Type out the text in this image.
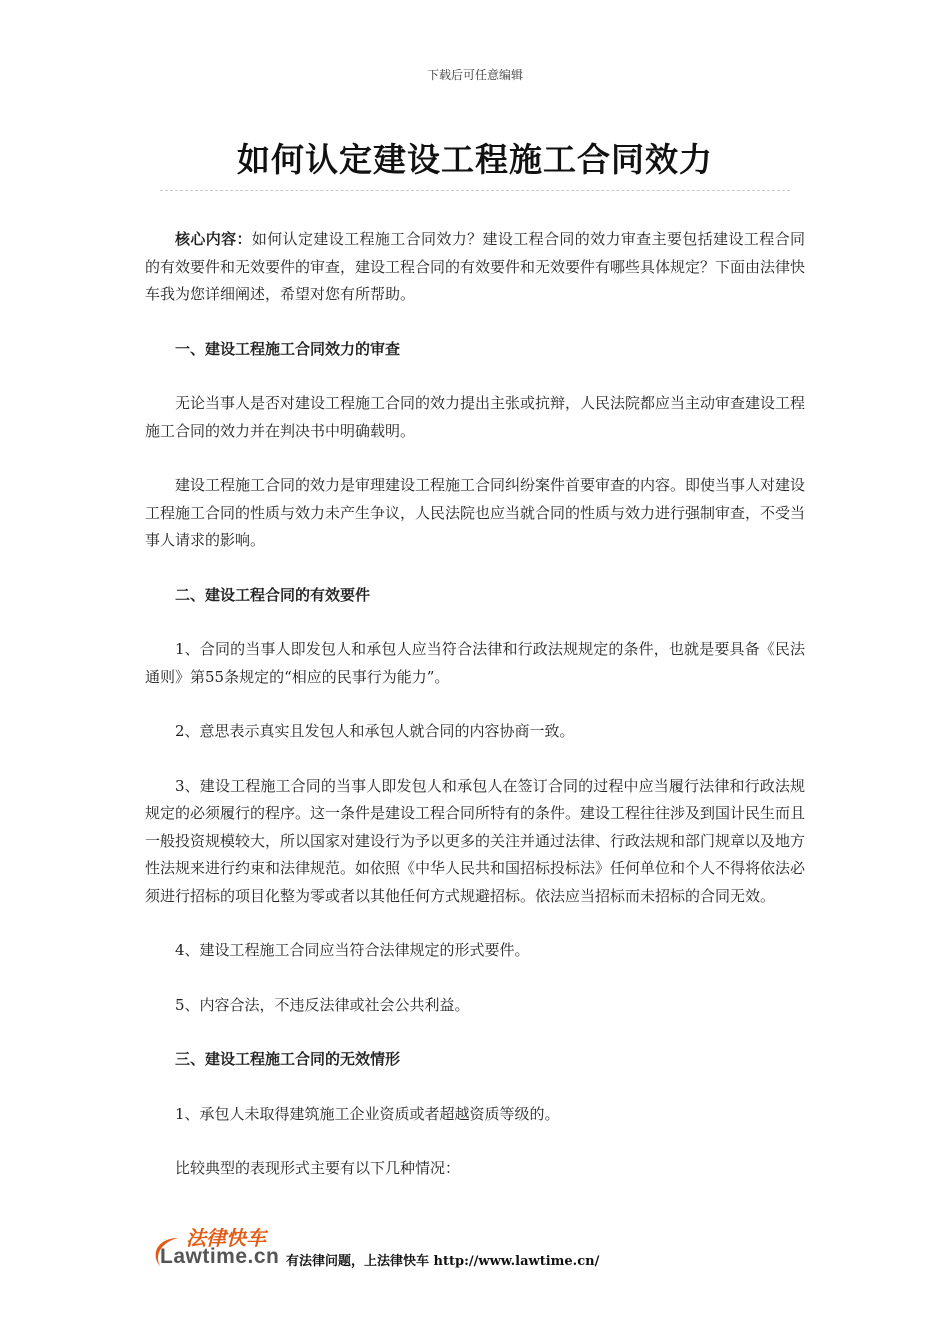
下载后可任意编辑
如何认定建设工程施工合同效力

核心内容：如何认定建设工程施工合同效力？建设工程合同的效力审查主要包括建设工程合同的有效要件和无效要件的审查，建设工程合同的有效要件和无效要件有哪些具体规定？下面由法律快车我为您详细阐述，希望对您有所帮助。

一、建设工程施工合同效力的审查

无论当事人是否对建设工程施工合同的效力提出主张或抗辩，人民法院都应当主动审查建设工程施工合同的效力并在判决书中明确载明。

建设工程施工合同的效力是审理建设工程施工合同纠纷案件首要审查的内容。即使当事人对建设工程施工合同的性质与效力未产生争议，人民法院也应当就合同的性质与效力进行强制审查，不受当事人请求的影响。

二、建设工程合同的有效要件

1、合同的当事人即发包人和承包人应当符合法律和行政法规规定的条件，也就是要具备《民法通则》第55条规定的“相应的民事行为能力”。

2、意思表示真实且发包人和承包人就合同的内容协商一致。

3、建设工程施工合同的当事人即发包人和承包人在签订合同的过程中应当履行法律和行政法规规定的必须履行的程序。这一条件是建设工程合同所特有的条件。建设工程往往涉及到国计民生而且一般投资规模较大，所以国家对建设行为予以更多的关注并通过法律、行政法规和部门规章以及地方性法规来进行约束和法律规范。如依照《中华人民共和国招标投标法》任何单位和个人不得将依法必须进行招标的项目化整为零或者以其他任何方式规避招标。依法应当招标而未招标的合同无效。

4、建设工程施工合同应当符合法律规定的形式要件。

5、内容合法，不违反法律或社会公共利益。

三、建设工程施工合同的无效情形

1、承包人未取得建筑施工企业资质或者超越资质等级的。

比较典型的表现形式主要有以下几种情况：

法律快车
Lawtime.cn 有法律问题，上法律快车 http://www.lawtime.cn/
